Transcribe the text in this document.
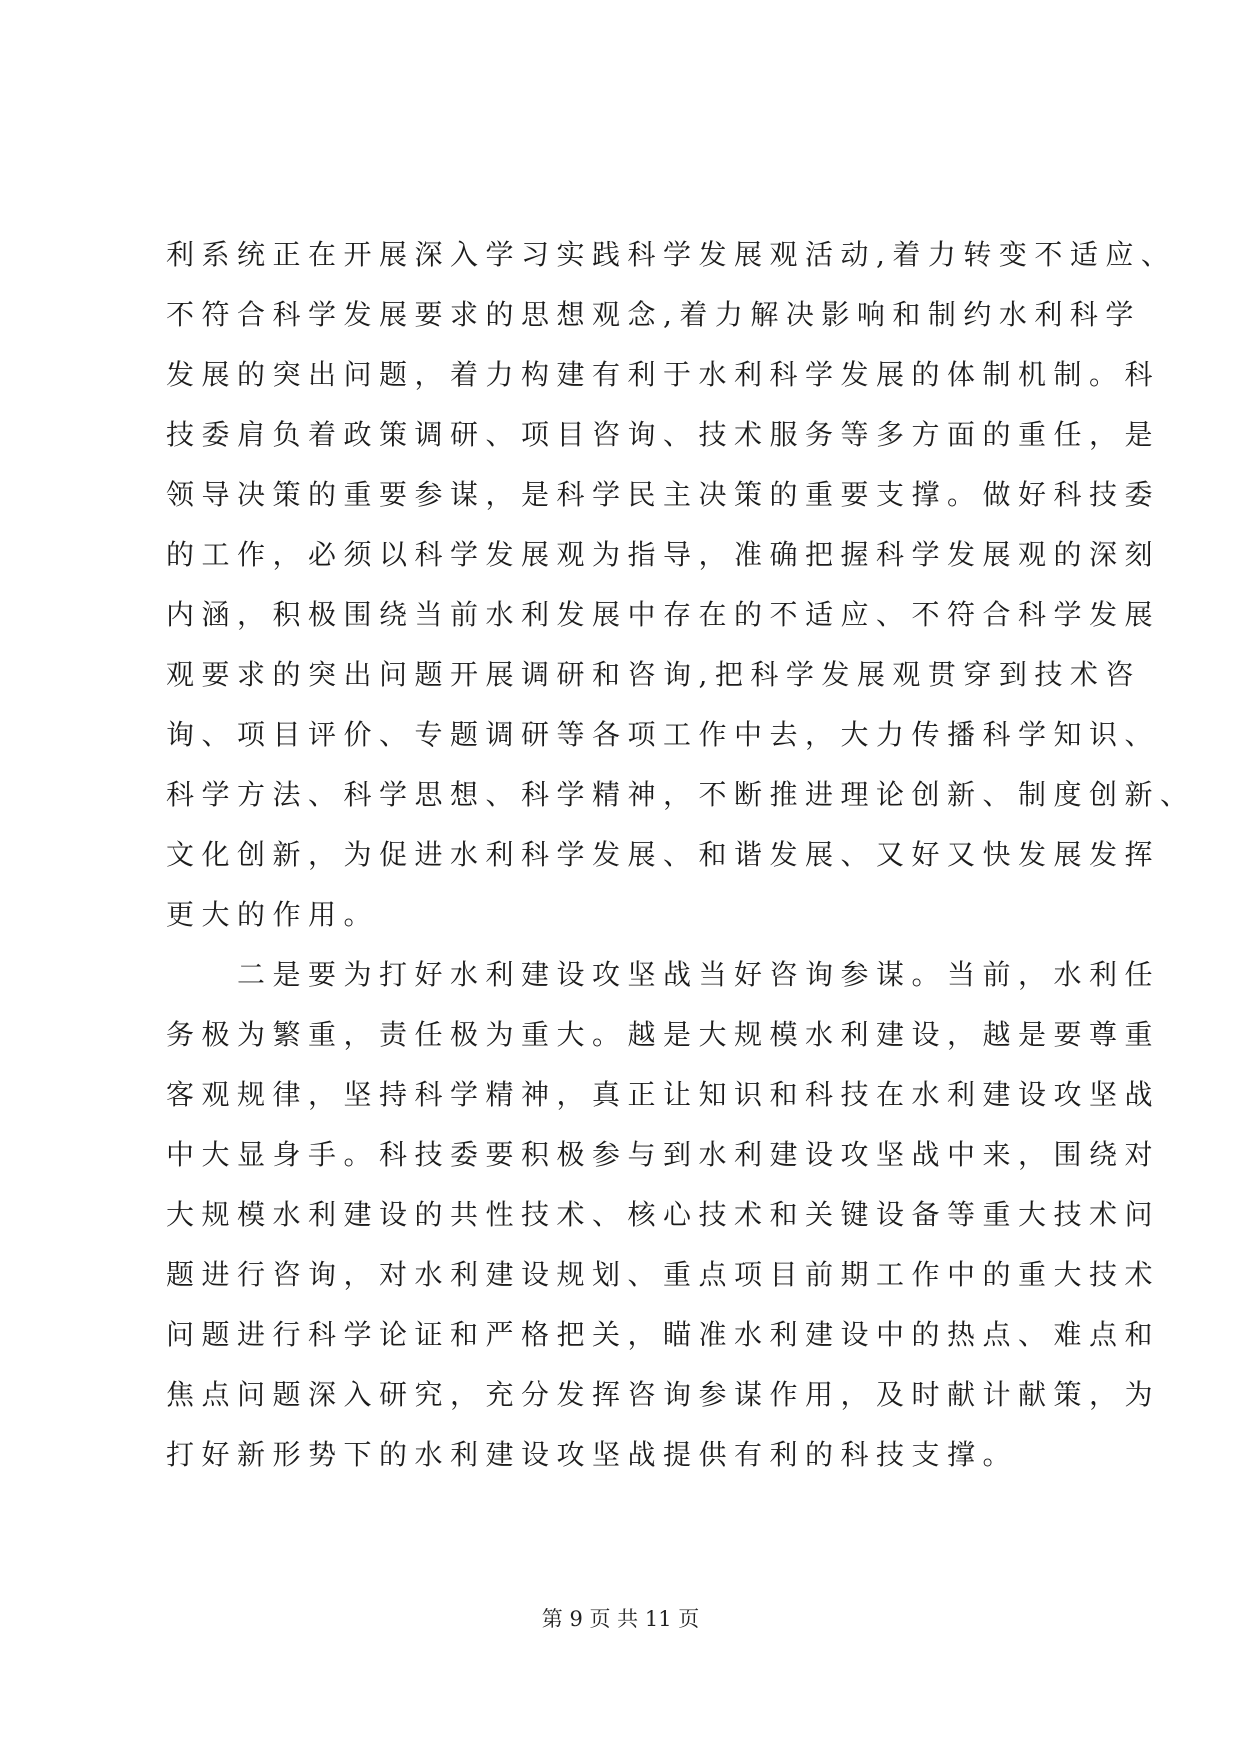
利系统正在开展深入学习实践科学发展观活动,着力转变不适应、
不符合科学发展要求的思想观念,着力解决影响和制约水利科学
发展的突出问题，着力构建有利于水利科学发展的体制机制。科
技委肩负着政策调研、项目咨询、技术服务等多方面的重任，是
领导决策的重要参谋，是科学民主决策的重要支撑。做好科技委
的工作，必须以科学发展观为指导，准确把握科学发展观的深刻
内涵，积极围绕当前水利发展中存在的不适应、不符合科学发展
观要求的突出问题开展调研和咨询,把科学发展观贯穿到技术咨
询、项目评价、专题调研等各项工作中去，大力传播科学知识、
科学方法、科学思想、科学精神，不断推进理论创新、制度创新、
文化创新，为促进水利科学发展、和谐发展、又好又快发展发挥
更大的作用。
二是要为打好水利建设攻坚战当好咨询参谋。当前，水利任
务极为繁重，责任极为重大。越是大规模水利建设，越是要尊重
客观规律，坚持科学精神，真正让知识和科技在水利建设攻坚战
中大显身手。科技委要积极参与到水利建设攻坚战中来，围绕对
大规模水利建设的共性技术、核心技术和关键设备等重大技术问
题进行咨询，对水利建设规划、重点项目前期工作中的重大技术
问题进行科学论证和严格把关，瞄准水利建设中的热点、难点和
焦点问题深入研究，充分发挥咨询参谋作用，及时献计献策，为
打好新形势下的水利建设攻坚战提供有利的科技支撑。
第 9 页 共 11 页
